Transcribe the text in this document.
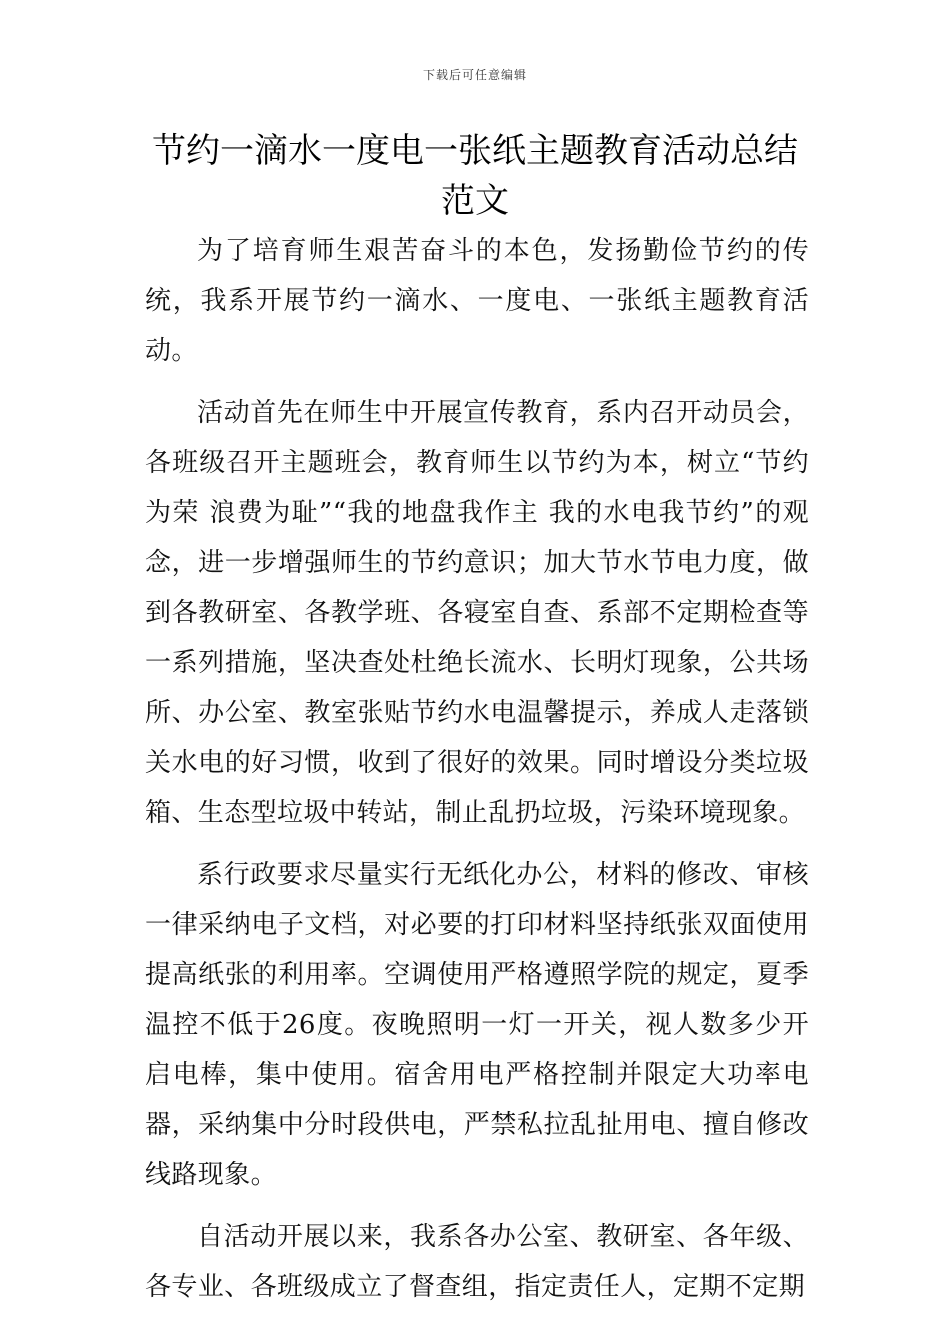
下载后可任意编辑
节约一滴水一度电一张纸主题教育活动总结范文

为了培育师生艰苦奋斗的本色，发扬勤俭节约的传统，我系开展节约一滴水、一度电、一张纸主题教育活动。

活动首先在师生中开展宣传教育，系内召开动员会，各班级召开主题班会，教育师生以节约为本，树立“节约为荣 浪费为耻”“我的地盘我作主 我的水电我节约”的观念，进一步增强师生的节约意识；加大节水节电力度，做到各教研室、各教学班、各寝室自查、系部不定期检查等一系列措施，坚决查处杜绝长流水、长明灯现象，公共场所、办公室、教室张贴节约水电温馨提示，养成人走落锁关水电的好习惯，收到了很好的效果。同时增设分类垃圾箱、生态型垃圾中转站，制止乱扔垃圾，污染环境现象。

系行政要求尽量实行无纸化办公，材料的修改、审核一律采纳电子文档，对必要的打印材料坚持纸张双面使用提高纸张的利用率。空调使用严格遵照学院的规定，夏季温控不低于26度。夜晚照明一灯一开关，视人数多少开启电棒，集中使用。宿舍用电严格控制并限定大功率电器，采纳集中分时段供电，严禁私拉乱扯用电、擅自修改线路现象。

自活动开展以来，我系各办公室、教研室、各年级、各专业、各班级成立了督查组，指定责任人，定期不定期
